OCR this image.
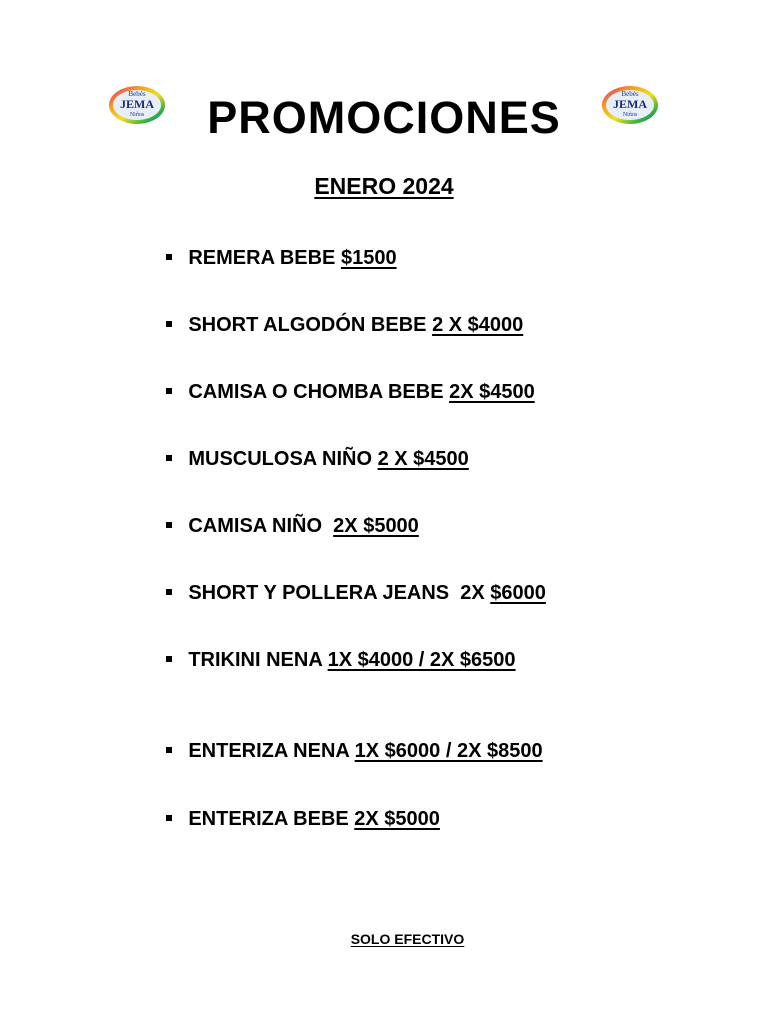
Bebés
JEMA
Niños
Bebés
JEMA
Niños
PROMOCIONES
ENERO 2024

REMERA BEBE $1500

SHORT ALGODÓN BEBE 2 X $4000

CAMISA O CHOMBA BEBE 2X $4500

MUSCULOSA NIÑO 2 X $4500

CAMISA NIÑO  2X $5000

SHORT Y POLLERA JEANS  2X $6000

TRIKINI NENA 1X $4000 / 2X $6500

ENTERIZA NENA 1X $6000 / 2X $8500

ENTERIZA BEBE 2X $5000

SOLO EFECTIVO
